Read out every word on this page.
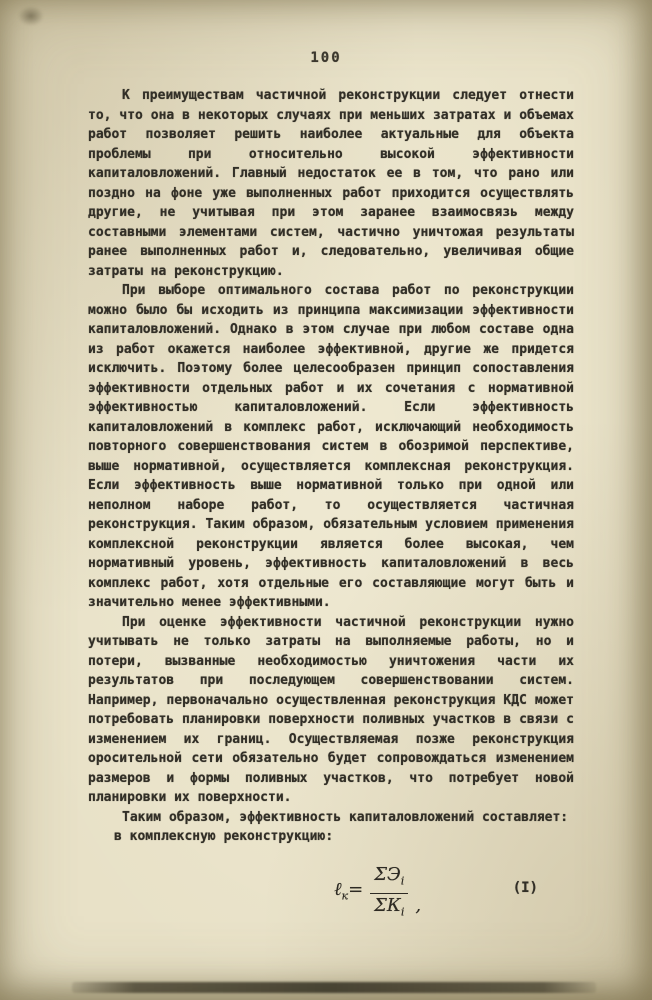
100

К преимуществам частичной реконструкции следует отнести то, что она в некоторых случаях при меньших затратах и объемах работ позволяет решить наиболее актуальные для объекта проблемы при относительно высокой эффективности капиталовложений. Главный недостаток ее в том, что рано или поздно на фоне уже выполненных работ приходится осуществлять другие, не учитывая при этом заранее взаимосвязь между составными элементами систем, частично уничтожая результаты ранее выполненных работ и, следовательно, увеличивая общие затраты на реконструкцию.

При выборе оптимального состава работ по реконструкции можно было бы исходить из принципа максимизации эффективности капиталовложений. Однако в этом случае при любом составе одна из работ окажется наиболее эффективной, другие же придется исключить. Поэтому более целесообразен принцип сопоставления эффективности отдельных работ и их сочетания с нормативной эффективностью капиталовложений. Если эффективность капиталовложений в комплекс работ, исключающий необходимость повторного совершенствования систем в обозримой перспективе, выше нормативной, осуществляется комплексная реконструкция. Если эффективность выше нормативной только при одной или неполном наборе работ, то осуществляется частичная реконструкция. Таким образом, обязательным условием применения комплексной реконструкции является более высокая, чем нормативный уровень, эффективность капиталовложений в весь комплекс работ, хотя отдельные его составляющие могут быть и значительно менее эффективными.

При оценке эффективности частичной реконструкции нужно учитывать не только затраты на выполняемые работы, но и потери, вызванные необходимостью уничтожения части их результатов при последующем совершенствовании систем. Например, первоначально осуществленная реконструкция КДС может потребовать планировки поверхности поливных участков в связи с изменением их границ. Осуществляемая позже реконструкция оросительной сети обязательно будет сопровождаться изменением размеров и формы поливных участков, что потребует новой планировки их поверхности.

Таким образом, эффективность капиталовложений составляет:

в комплексную реконструкцию:

ℓ$_к$= $\frac{\Sigma Э_i}{\Sigma К_i}$ ,
(I)
